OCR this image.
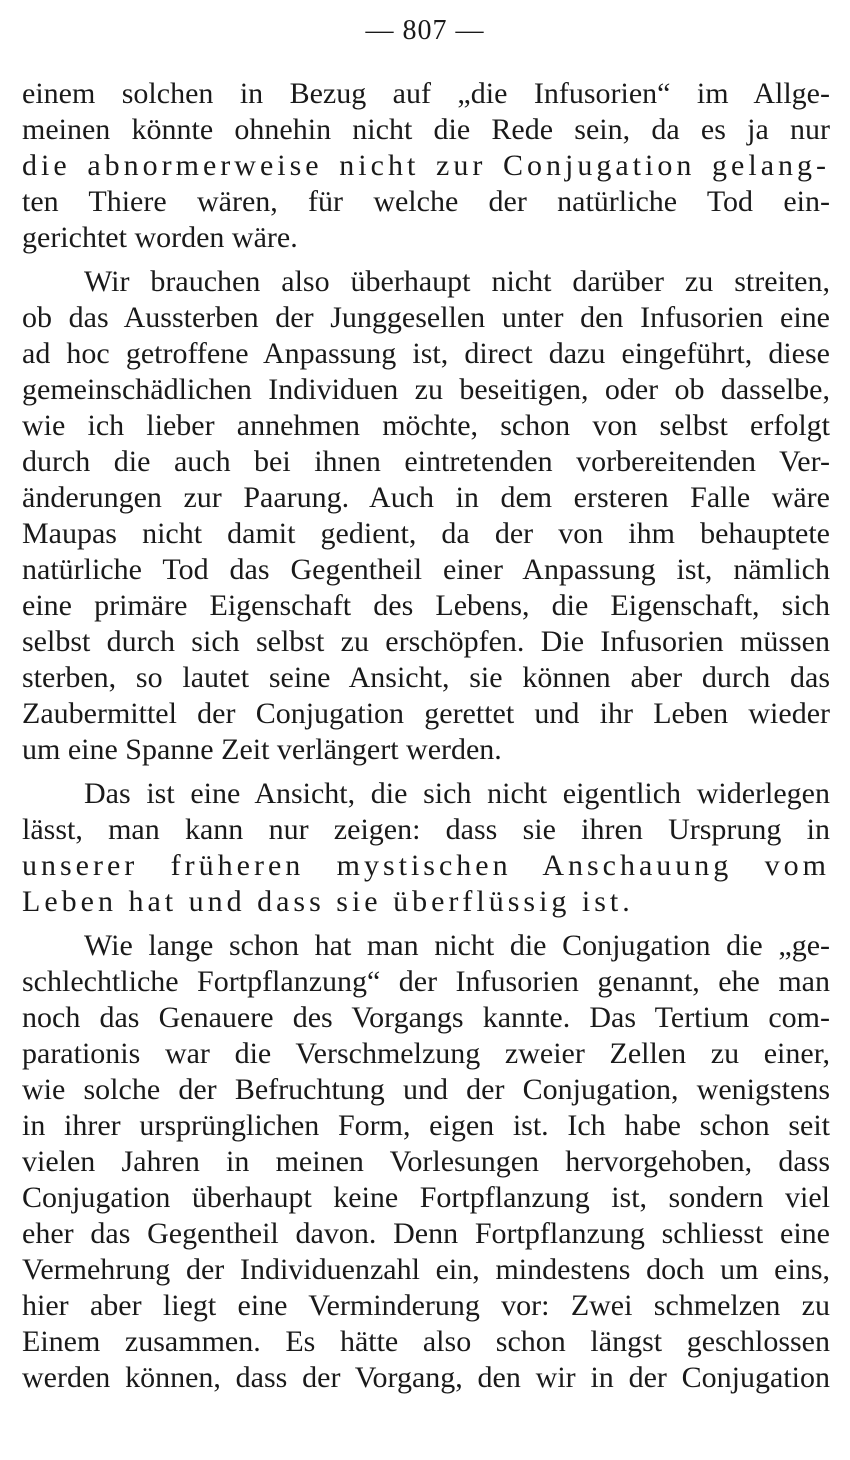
— 807 —
einem solchen in Bezug auf „die Infusorien“ im Allge-
meinen könnte ohnehin nicht die Rede sein, da es ja nur
die abnormerweise nicht zur Conjugation gelang-
ten Thiere wären, für welche der natürliche Tod ein-
gerichtet worden wäre.
Wir brauchen also überhaupt nicht darüber zu streiten,
ob das Aussterben der Junggesellen unter den Infusorien eine
ad hoc getroffene Anpassung ist, direct dazu eingeführt, diese
gemeinschädlichen Individuen zu beseitigen, oder ob dasselbe,
wie ich lieber annehmen möchte, schon von selbst erfolgt
durch die auch bei ihnen eintretenden vorbereitenden Ver-
änderungen zur Paarung. Auch in dem ersteren Falle wäre
Maupas nicht damit gedient, da der von ihm behauptete
natürliche Tod das Gegentheil einer Anpassung ist, nämlich
eine primäre Eigenschaft des Lebens, die Eigenschaft, sich
selbst durch sich selbst zu erschöpfen. Die Infusorien müssen
sterben, so lautet seine Ansicht, sie können aber durch das
Zaubermittel der Conjugation gerettet und ihr Leben wieder
um eine Spanne Zeit verlängert werden.
Das ist eine Ansicht, die sich nicht eigentlich widerlegen
lässt, man kann nur zeigen: dass sie ihren Ursprung in
unserer früheren mystischen Anschauung vom
Leben hat und dass sie überflüssig ist.
Wie lange schon hat man nicht die Conjugation die „ge-
schlechtliche Fortpflanzung“ der Infusorien genannt, ehe man
noch das Genauere des Vorgangs kannte. Das Tertium com-
parationis war die Verschmelzung zweier Zellen zu einer,
wie solche der Befruchtung und der Conjugation, wenigstens
in ihrer ursprünglichen Form, eigen ist. Ich habe schon seit
vielen Jahren in meinen Vorlesungen hervorgehoben, dass
Conjugation überhaupt keine Fortpflanzung ist, sondern viel
eher das Gegentheil davon. Denn Fortpflanzung schliesst eine
Vermehrung der Individuenzahl ein, mindestens doch um eins,
hier aber liegt eine Verminderung vor: Zwei schmelzen zu
Einem zusammen. Es hätte also schon längst geschlossen
werden können, dass der Vorgang, den wir in der Conjugation
